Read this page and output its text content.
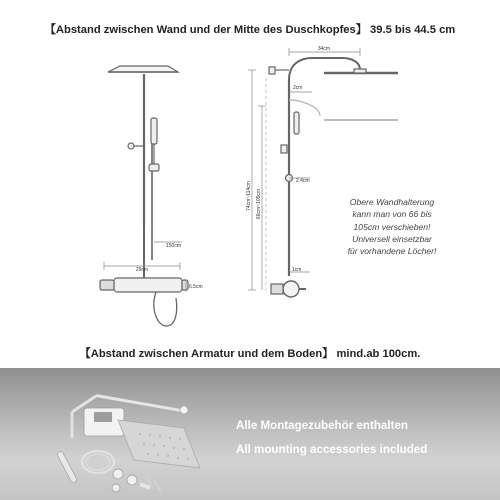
【Abstand zwischen Wand und der Mitte des Duschkopfes】 39.5 bis 44.5 cm
29cm
150cm
6.5cm
34cm
2cm
2.4cm
1cm
74cm~114cm 66cm~105cm	Obere Wandhalterung
kann man von 66 bis
105cm verschieben!
Universell einsetzbar
für vorhandene Löcher!
【Abstand zwischen Armatur und dem Boden】 mind.ab 100cm.
Alle Montagezubehör enthalten
All mounting accessories included
